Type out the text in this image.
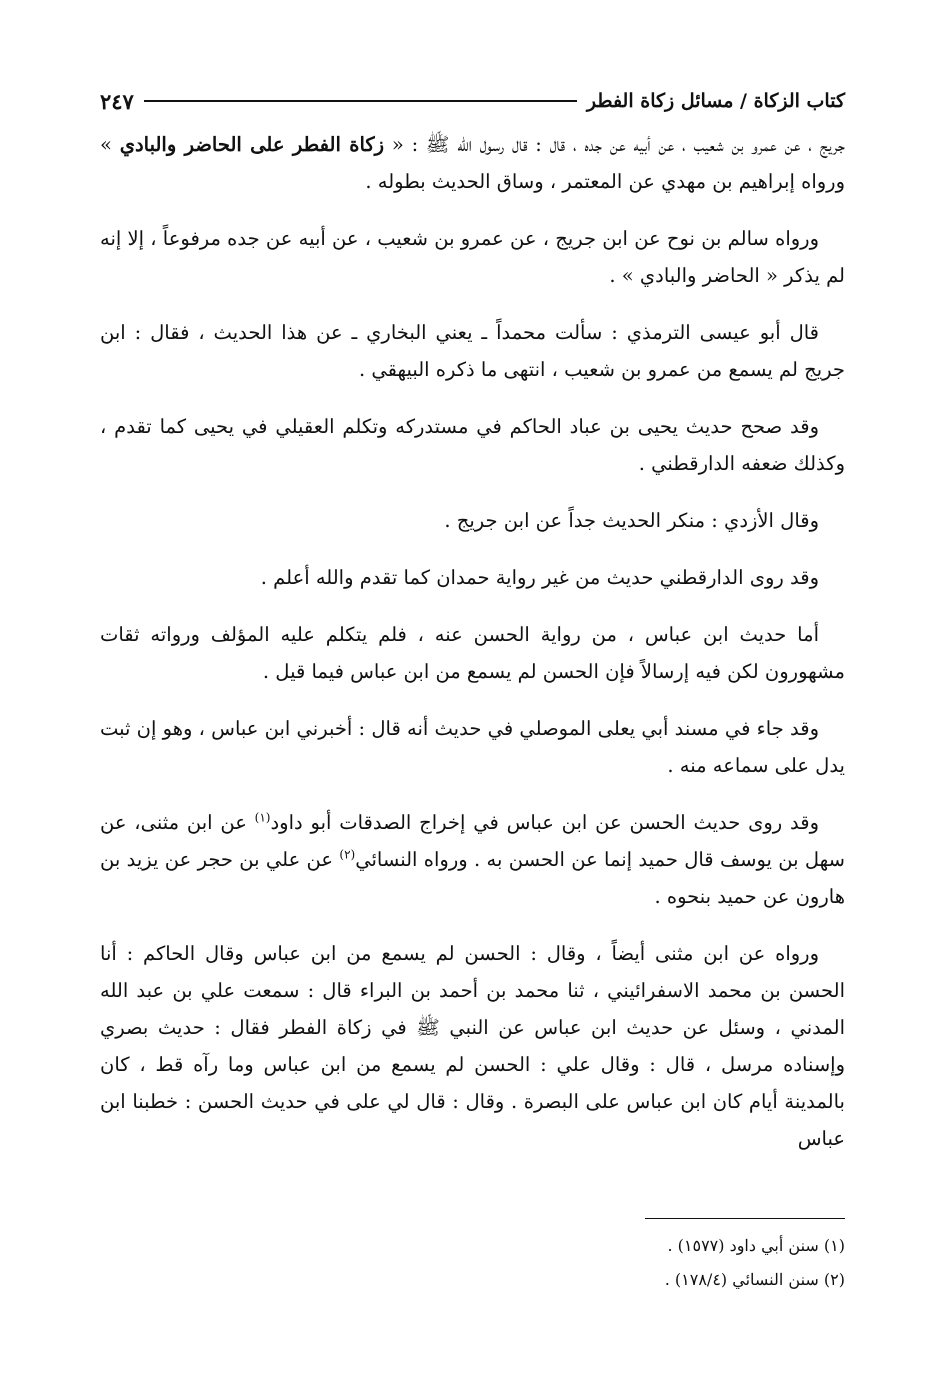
كتاب الزكاة / مسائل زكاة الفطر
٢٤٧

جريج ، عن عمرو بن شعيب ، عن أبيه عن جده ، قال : قال رسول الله ﷺ : « زكاة الفطر على الحاضر والبادي » ورواه إبراهيم بن مهدي عن المعتمر ، وساق الحديث بطوله .

ورواه سالم بن نوح عن ابن جريج ، عن عمرو بن شعيب ، عن أبيه عن جده مرفوعاً ، إلا إنه لم يذكر « الحاضر والبادي » .

قال أبو عيسى الترمذي : سألت محمداً ـ يعني البخاري ـ عن هذا الحديث ، فقال : ابن جريج لم يسمع من عمرو بن شعيب ، انتهى ما ذكره البيهقي .

وقد صحح حديث يحيى بن عباد الحاكم في مستدركه وتكلم العقيلي في يحيى كما تقدم ، وكذلك ضعفه الدارقطني .

وقال الأزدي : منكر الحديث جداً عن ابن جريج .

وقد روى الدارقطني حديث من غير رواية حمدان كما تقدم والله أعلم .

أما حديث ابن عباس ، من رواية الحسن عنه ، فلم يتكلم عليه المؤلف ورواته ثقات مشهورون لكن فيه إرسالاً فإن الحسن لم يسمع من ابن عباس فيما قيل .

وقد جاء في مسند أبي يعلى الموصلي في حديث أنه قال : أخبرني ابن عباس ، وهو إن ثبت يدل على سماعه منه .

وقد روى حديث الحسن عن ابن عباس في إخراج الصدقات أبو داود$^{(١)}$ عن ابن مثنى، عن سهل بن يوسف قال حميد إنما عن الحسن به . ورواه النسائي$^{(٢)}$ عن علي بن حجر عن يزيد بن هارون عن حميد بنحوه .

ورواه عن ابن مثنى أيضاً ، وقال : الحسن لم يسمع من ابن عباس وقال الحاكم : أنا الحسن بن محمد الاسفرائيني ، ثنا محمد بن أحمد بن البراء قال : سمعت علي بن عبد الله المدني ، وسئل عن حديث ابن عباس عن النبي ﷺ في زكاة الفطر فقال : حديث بصري وإسناده مرسل ، قال : وقال علي : الحسن لم يسمع من ابن عباس وما رآه قط ، كان بالمدينة أيام كان ابن عباس على البصرة . وقال : قال لي على في حديث الحسن : خطبنا ابن عباس

(١) سنن أبي داود (١٥٧٧) .
(٢) سنن النسائي (١٧٨/٤) .
